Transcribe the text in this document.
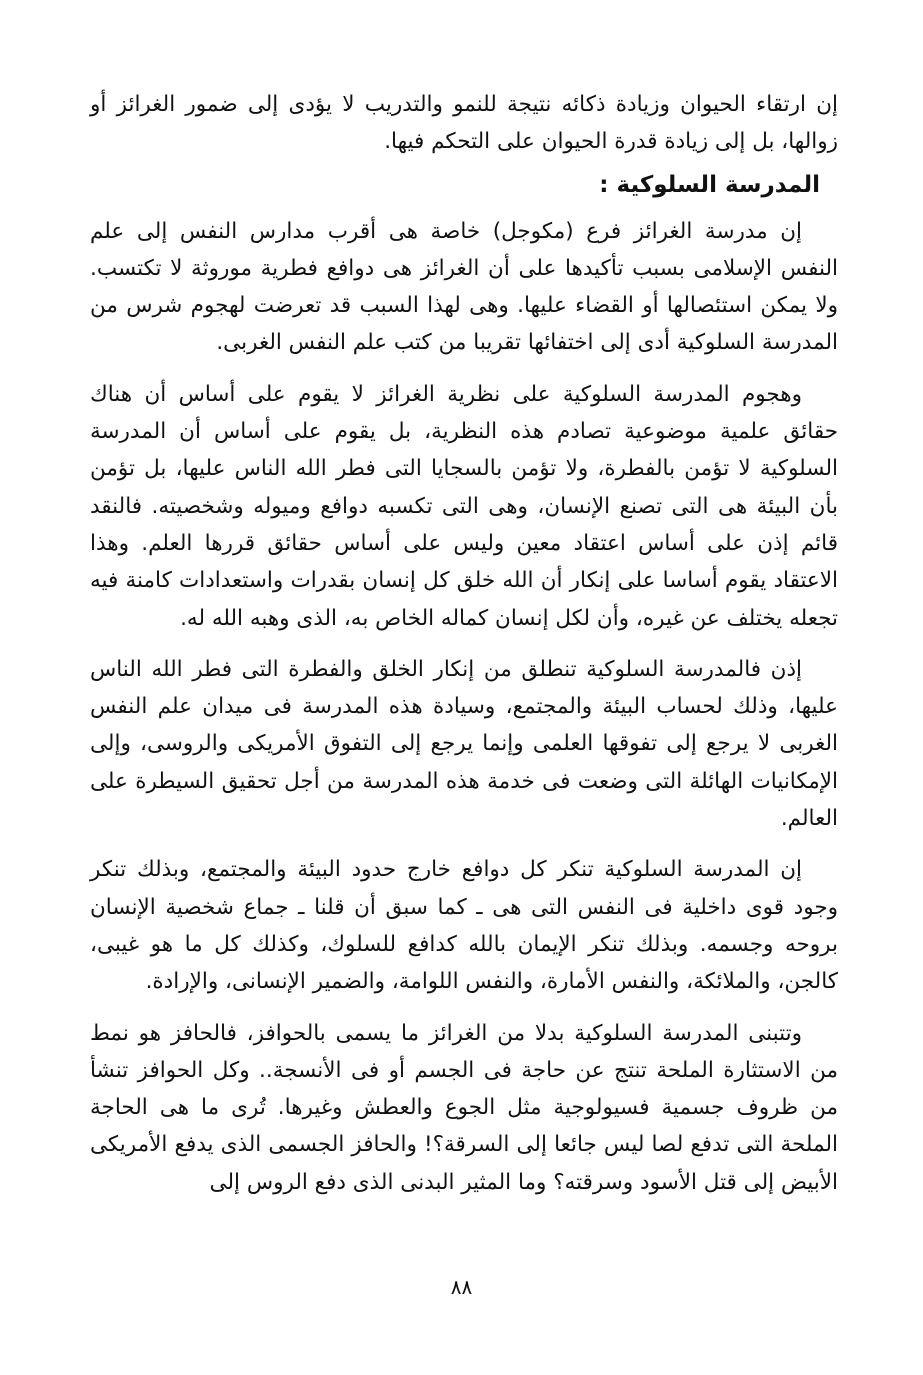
إن ارتقاء الحيوان وزيادة ذكائه نتيجة للنمو والتدريب لا يؤدى إلى ضمور الغرائز أو زوالها، بل إلى زيادة قدرة الحيوان على التحكم فيها.

المدرسة السلوكية :

إن مدرسة الغرائز فرع (مكوجل) خاصة هى أقرب مدارس النفس إلى علم النفس الإسلامى بسبب تأكيدها على أن الغرائز هى دوافع فطرية موروثة لا تكتسب. ولا يمكن استئصالها أو القضاء عليها. وهى لهذا السبب قد تعرضت لهجوم شرس من المدرسة السلوكية أدى إلى اختفائها تقريبا من كتب علم النفس الغربى.

وهجوم المدرسة السلوكية على نظرية الغرائز لا يقوم على أساس أن هناك حقائق علمية موضوعية تصادم هذه النظرية، بل يقوم على أساس أن المدرسة السلوكية لا تؤمن بالفطرة، ولا تؤمن بالسجايا التى فطر الله الناس عليها، بل تؤمن بأن البيئة هى التى تصنع الإنسان، وهى التى تكسبه دوافع وميوله وشخصيته. فالنقد قائم إذن على أساس اعتقاد معين وليس على أساس حقائق قررها العلم. وهذا الاعتقاد يقوم أساسا على إنكار أن الله خلق كل إنسان بقدرات واستعدادات كامنة فيه تجعله يختلف عن غيره، وأن لكل إنسان كماله الخاص به، الذى وهبه الله له.

إذن فالمدرسة السلوكية تنطلق من إنكار الخلق والفطرة التى فطر الله الناس عليها، وذلك لحساب البيئة والمجتمع، وسيادة هذه المدرسة فى ميدان علم النفس الغربى لا يرجع إلى تفوقها العلمى وإنما يرجع إلى التفوق الأمريكى والروسى، وإلى الإمكانيات الهائلة التى وضعت فى خدمة هذه المدرسة من أجل تحقيق السيطرة على العالم.

إن المدرسة السلوكية تنكر كل دوافع خارج حدود البيئة والمجتمع، وبذلك تنكر وجود قوى داخلية فى النفس التى هى ـ كما سبق أن قلنا ـ جماع شخصية الإنسان بروحه وجسمه. وبذلك تنكر الإيمان بالله كدافع للسلوك، وكذلك كل ما هو غيبى، كالجن، والملائكة، والنفس الأمارة، والنفس اللوامة، والضمير الإنسانى، والإرادة.

وتتبنى المدرسة السلوكية بدلا من الغرائز ما يسمى بالحوافز، فالحافز هو نمط من الاستثارة الملحة تنتج عن حاجة فى الجسم أو فى الأنسجة.. وكل الحوافز تنشأ من ظروف جسمية فسيولوجية مثل الجوع والعطش وغيرها. تُرى ما هى الحاجة الملحة التى تدفع لصا ليس جائعا إلى السرقة؟! والحافز الجسمى الذى يدفع الأمريكى الأبيض إلى قتل الأسود وسرقته؟ وما المثير البدنى الذى دفع الروس إلى

٨٨
